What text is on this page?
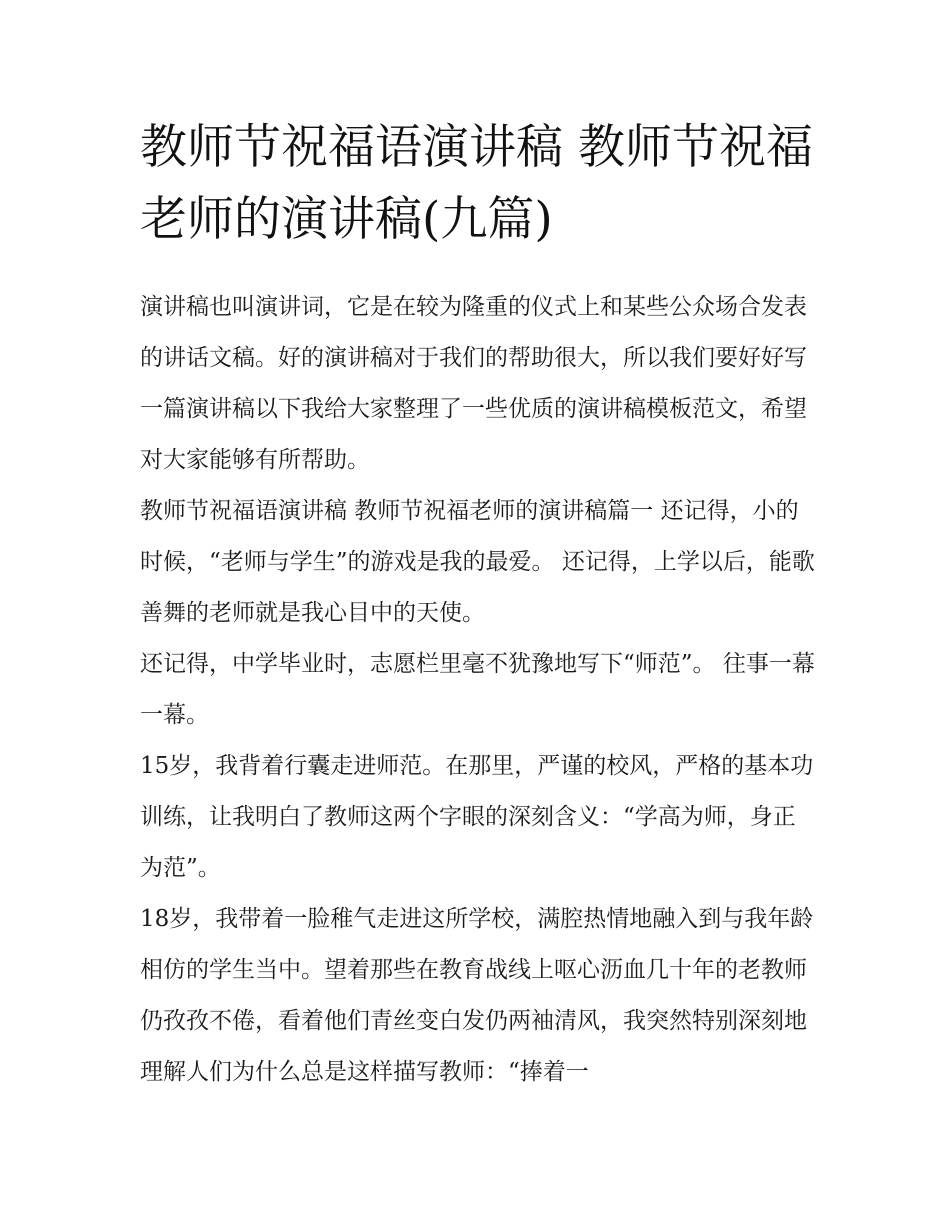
教师节祝福语演讲稿 教师节祝福老师的演讲稿(九篇)

演讲稿也叫演讲词，它是在较为隆重的仪式上和某些公众场合发表的讲话文稿。好的演讲稿对于我们的帮助很大，所以我们要好好写一篇演讲稿以下我给大家整理了一些优质的演讲稿模板范文，希望对大家能够有所帮助。

教师节祝福语演讲稿 教师节祝福老师的演讲稿篇一 还记得，小的时候，“老师与学生”的游戏是我的最爱。 还记得，上学以后，能歌善舞的老师就是我心目中的天使。

还记得，中学毕业时，志愿栏里毫不犹豫地写下“师范”。 往事一幕一幕。

15岁，我背着行囊走进师范。在那里，严谨的校风，严格的基本功训练，让我明白了教师这两个字眼的深刻含义：“学高为师，身正为范”。

18岁，我带着一脸稚气走进这所学校，满腔热情地融入到与我年龄相仿的学生当中。望着那些在教育战线上呕心沥血几十年的老教师仍孜孜不倦，看着他们青丝变白发仍两袖清风，我突然特别深刻地理解人们为什么总是这样描写教师：“捧着一
